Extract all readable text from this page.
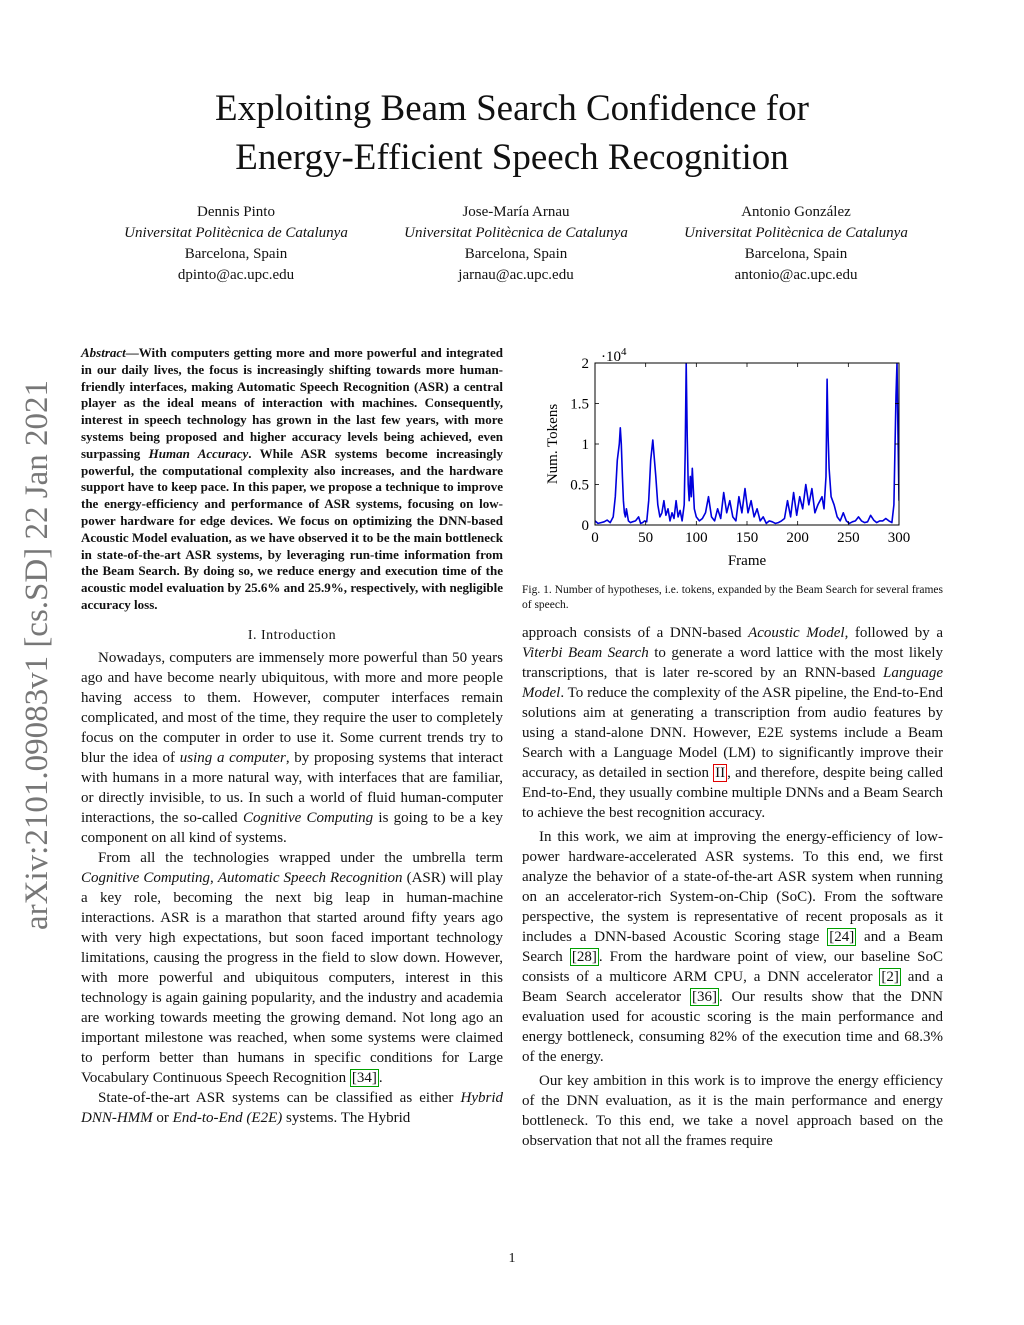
Exploiting Beam Search Confidence for
Energy-Efficient Speech Recognition
Dennis Pinto
Universitat Politècnica de Catalunya
Barcelona, Spain
dpinto@ac.upc.edu
Jose-María Arnau
Universitat Politècnica de Catalunya
Barcelona, Spain
jarnau@ac.upc.edu
Antonio González
Universitat Politècnica de Catalunya
Barcelona, Spain
antonio@ac.upc.edu
arXiv:2101.09083v1 [cs.SD] 22 Jan 2021

Abstract—With computers getting more and more powerful and integrated in our daily lives, the focus is increasingly shifting towards more human-friendly interfaces, making Automatic Speech Recognition (ASR) a central player as the ideal means of interaction with machines. Consequently, interest in speech technology has grown in the last few years, with more systems being proposed and higher accuracy levels being achieved, even surpassing Human Accuracy. While ASR systems become increasingly powerful, the computational complexity also increases, and the hardware support have to keep pace. In this paper, we propose a technique to improve the energy-efficiency and performance of ASR systems, focusing on low-power hardware for edge devices. We focus on optimizing the DNN-based Acoustic Model evaluation, as we have observed it to be the main bottleneck in state-of-the-art ASR systems, by leveraging run-time information from the Beam Search. By doing so, we reduce energy and execution time of the acoustic model evaluation by 25.6% and 25.9%, respectively, with negligible accuracy loss.

I. Introduction

Nowadays, computers are immensely more powerful than 50 years ago and have become nearly ubiquitous, with more and more people having access to them. However, computer interfaces remain complicated, and most of the time, they require the user to completely focus on the computer in order to use it. Some current trends try to blur the idea of using a computer, by proposing systems that interact with humans in a more natural way, with interfaces that are familiar, or directly invisible, to us. In such a world of fluid human-computer interactions, the so-called Cognitive Computing is going to be a key component on all kind of systems.

From all the technologies wrapped under the umbrella term Cognitive Computing, Automatic Speech Recognition (ASR) will play a key role, becoming the next big leap in human-machine interactions. ASR is a marathon that started around fifty years ago with very high expectations, but soon faced important technology limitations, causing the progress in the field to slow down. However, with more powerful and ubiquitous computers, interest in this technology is again gaining popularity, and the industry and academia are working towards meeting the growing demand. Not long ago an important milestone was reached, when some systems were claimed to perform better than humans in specific conditions for Large Vocabulary Continuous Speech Recognition [34] .

State-of-the-art ASR systems can be classified as either Hybrid DNN-HMM or End-to-End (E2E) systems. The Hybrid

0	50 100 150 200 250 300
0
0.5
1
1.5
$2 \cdot 10^4$
Frame
Num. Tokens

Fig. 1. Number of hypotheses, i.e. tokens, expanded by the Beam Search for several frames of speech.

approach consists of a DNN-based Acoustic Model, followed by a Viterbi Beam Search to generate a word lattice with the most likely transcriptions, that is later re-scored by an RNN-based Language Model. To reduce the complexity of the ASR pipeline, the End-to-End solutions aim at generating a transcription from audio features by using a stand-alone DNN. However, E2E systems include a Beam Search with a Language Model (LM) to significantly improve their accuracy, as detailed in section II , and therefore, despite being called End-to-End, they usually combine multiple DNNs and a Beam Search to achieve the best recognition accuracy.

In this work, we aim at improving the energy-efficiency of low-power hardware-accelerated ASR systems. To this end, we first analyze the behavior of a state-of-the-art ASR system when running on an accelerator-rich System-on-Chip (SoC). From the software perspective, the system is representative of recent proposals as it includes a DNN-based Acoustic Scoring stage [24] and a Beam Search [28] . From the hardware point of view, our baseline SoC consists of a multicore ARM CPU, a DNN accelerator [2] and a Beam Search accelerator [36] . Our results show that the DNN evaluation used for acoustic scoring is the main performance and energy bottleneck, consuming 82% of the execution time and 68.3% of the energy.

Our key ambition in this work is to improve the energy efficiency of the DNN evaluation, as it is the main performance and energy bottleneck. To this end, we take a novel approach based on the observation that not all the frames require

1
